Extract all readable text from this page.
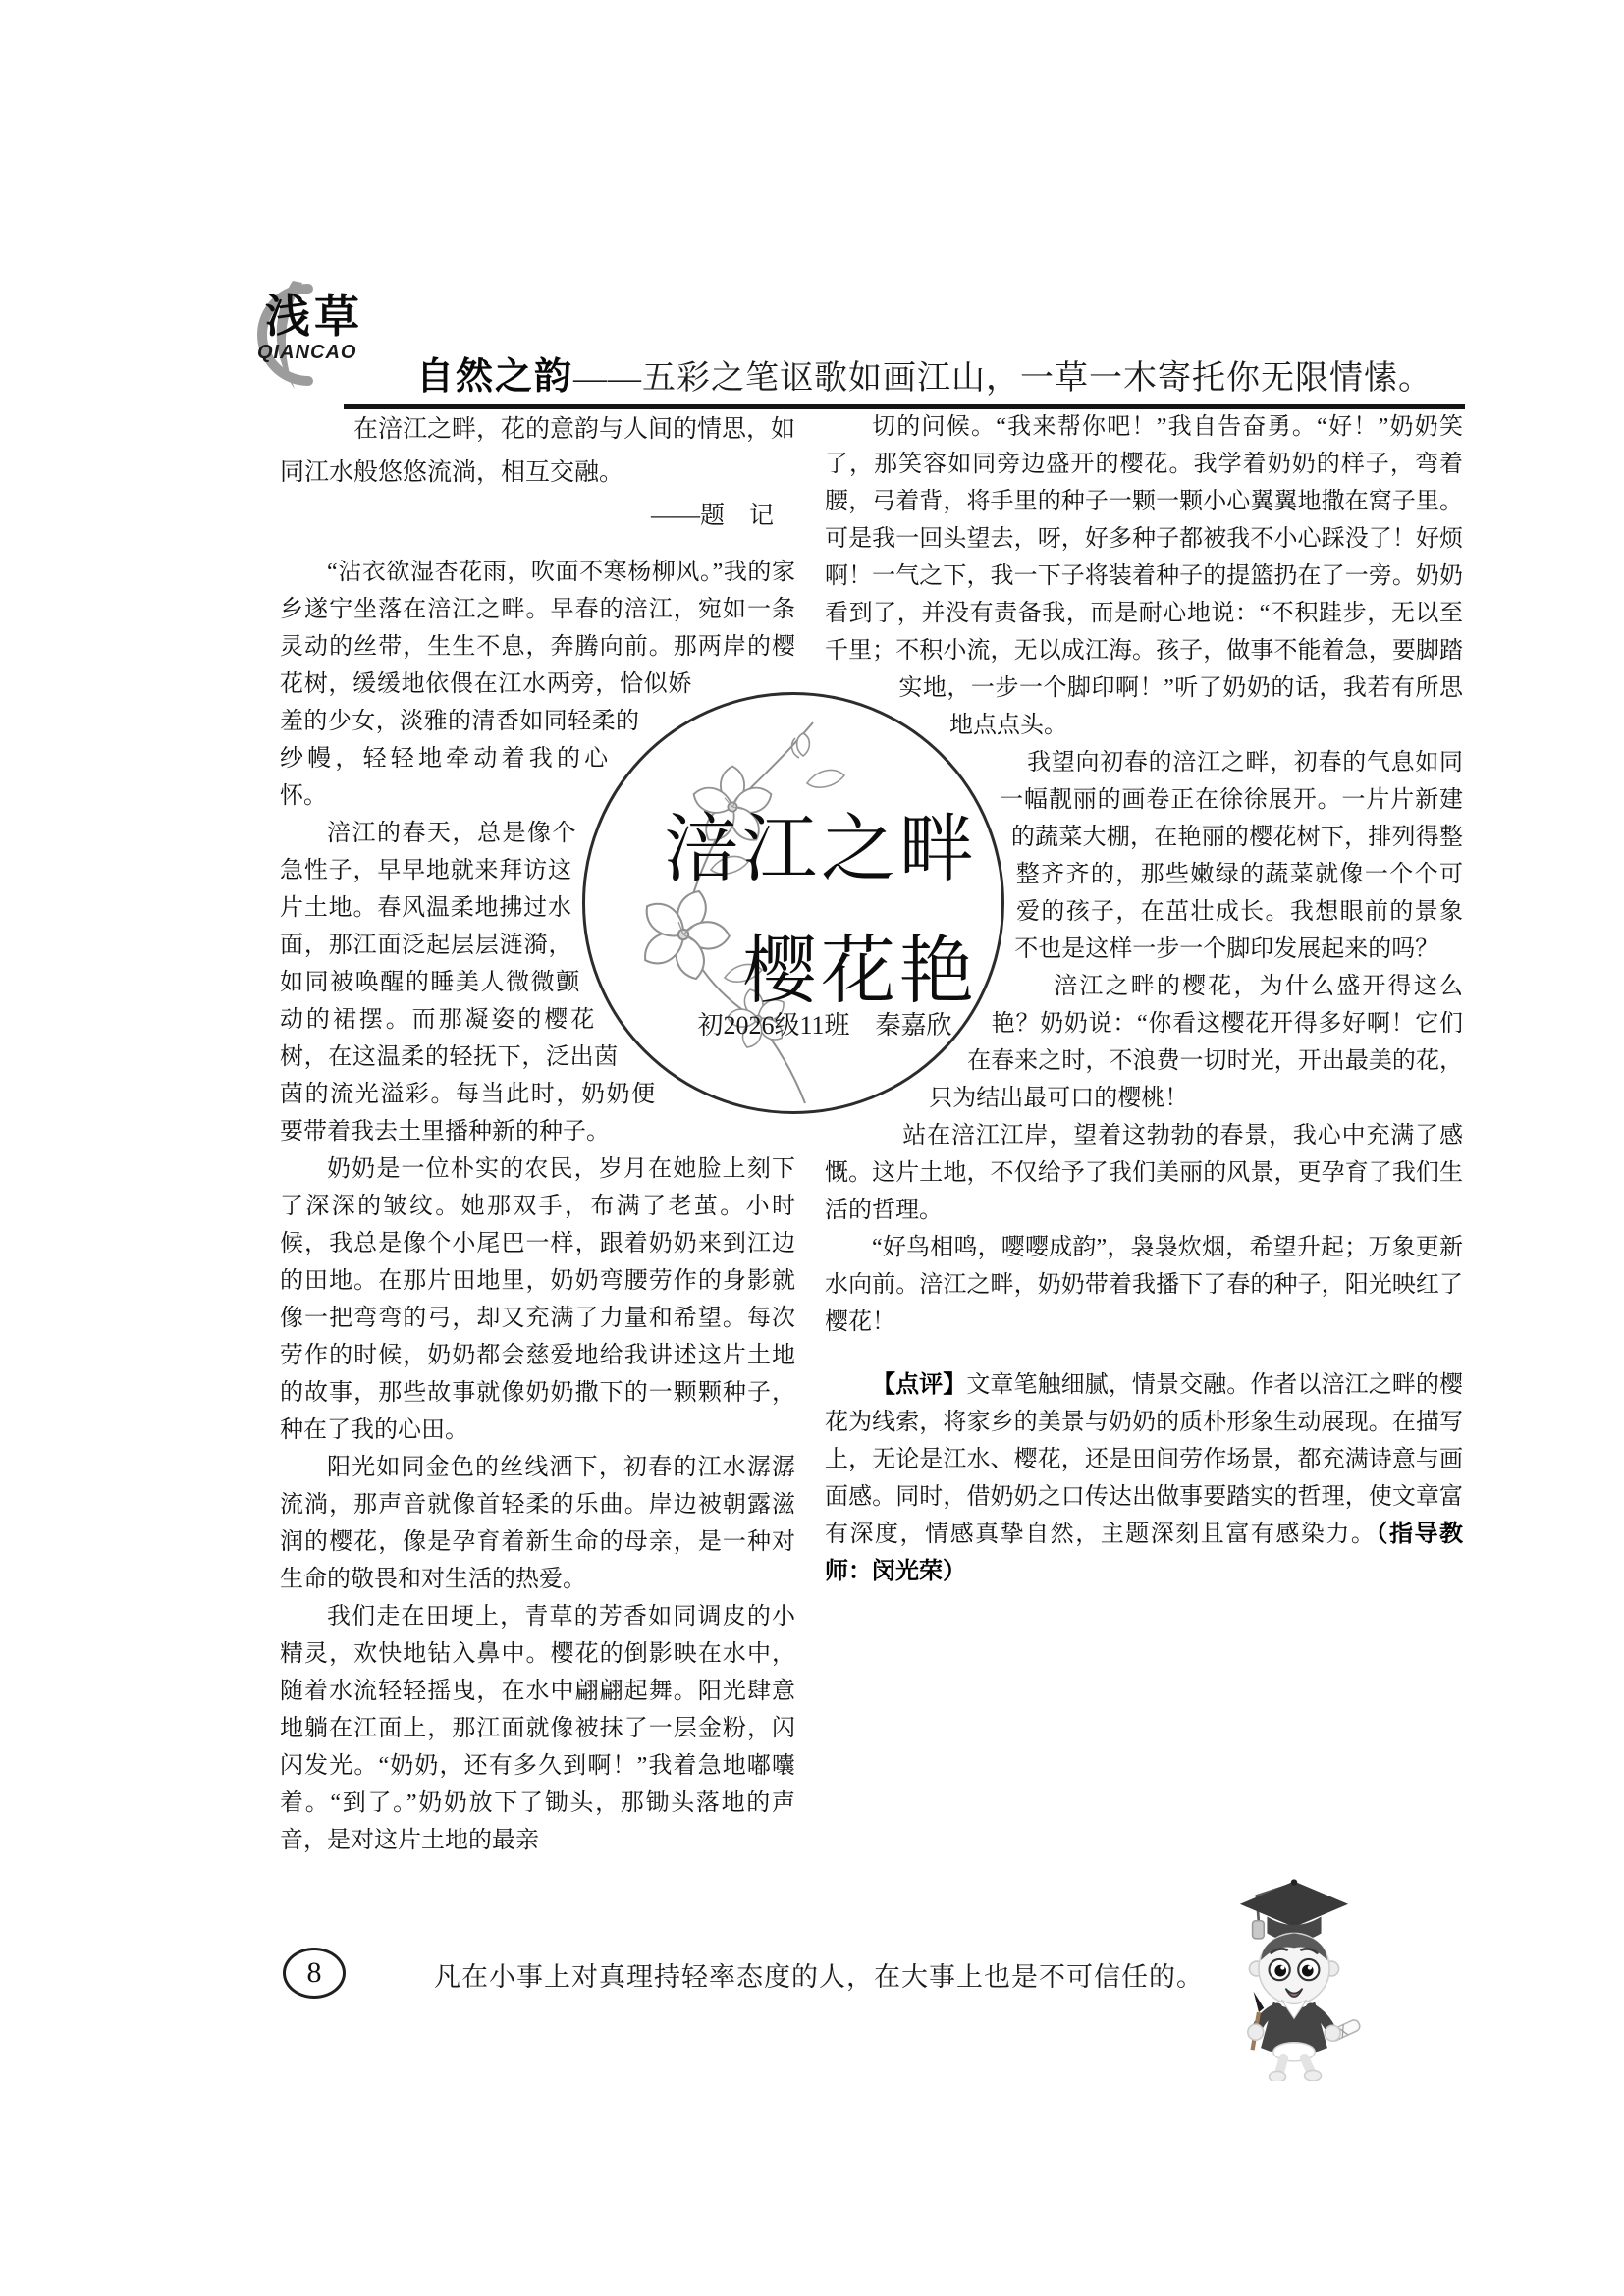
浅草
QIANCAO
自然之韵——五彩之笔讴歌如画江山，一草一木寄托你无限情愫。

在涪江之畔，花的意韵与人间的情思，如同江水般悠悠流淌，相互交融。

——题　记

“沾衣欲湿杏花雨，吹面不寒杨柳风。”我的家乡遂宁坐落在涪江之畔。早春的涪江，宛如一条灵动的丝带，生生不息，奔腾向前。那两岸的樱花树，缓缓地依偎在江水两旁，恰似娇羞的少女，淡雅的清香如同轻柔的纱幔，轻轻地牵动着我的心怀。

涪江的春天，总是像个急性子，早早地就来拜访这片土地。春风温柔地拂过水面，那江面泛起层层涟漪，如同被唤醒的睡美人微微颤动的裙摆。而那凝姿的樱花树，在这温柔的轻抚下，泛出茵茵的流光溢彩。每当此时，奶奶便要带着我去土里播种新的种子。

奶奶是一位朴实的农民，岁月在她脸上刻下了深深的皱纹。她那双手，布满了老茧。小时候，我总是像个小尾巴一样，跟着奶奶来到江边的田地。在那片田地里，奶奶弯腰劳作的身影就像一把弯弯的弓，却又充满了力量和希望。每次劳作的时候，奶奶都会慈爱地给我讲述这片土地的故事，那些故事就像奶奶撒下的一颗颗种子，种在了我的心田。

阳光如同金色的丝线洒下，初春的江水潺潺流淌，那声音就像首轻柔的乐曲。岸边被朝露滋润的樱花，像是孕育着新生命的母亲，是一种对生命的敬畏和对生活的热爱。

我们走在田埂上，青草的芳香如同调皮的小精灵，欢快地钻入鼻中。樱花的倒影映在水中，随着水流轻轻摇曳，在水中翩翩起舞。阳光肆意地躺在江面上，那江面就像被抹了一层金粉，闪闪发光。“奶奶，还有多久到啊！”我着急地嘟囔着。“到了。”奶奶放下了锄头，那锄头落地的声音，是对这片土地的最亲

切的问候。“我来帮你吧！”我自告奋勇。“好！”奶奶笑了，那笑容如同旁边盛开的樱花。我学着奶奶的样子，弯着腰，弓着背，将手里的种子一颗一颗小心翼翼地撒在窝子里。可是我一回头望去，呀，好多种子都被我不小心踩没了！好烦啊！一气之下，我一下子将装着种子的提篮扔在了一旁。奶奶看到了，并没有责备我，而是耐心地说：“不积跬步，无以至千里；不积小流，无以成江海。孩子，做事不能着急，要脚踏实地，一步一个脚印啊！”听了奶奶的话，我若有所思地点点头。

我望向初春的涪江之畔，初春的气息如同一幅靓丽的画卷正在徐徐展开。一片片新建的蔬菜大棚，在艳丽的樱花树下，排列得整整齐齐的，那些嫩绿的蔬菜就像一个个可爱的孩子，在茁壮成长。我想眼前的景象不也是这样一步一个脚印发展起来的吗？

涪江之畔的樱花，为什么盛开得这么艳？奶奶说：“你看这樱花开得多好啊！它们在春来之时，不浪费一切时光，开出最美的花，只为结出最可口的樱桃！

站在涪江江岸，望着这勃勃的春景，我心中充满了感慨。这片土地，不仅给予了我们美丽的风景，更孕育了我们生活的哲理。

“好鸟相鸣，嘤嘤成韵”，袅袅炊烟，希望升起；万象更新水向前。涪江之畔，奶奶带着我播下了春的种子，阳光映红了樱花！

【点评】文章笔触细腻，情景交融。作者以涪江之畔的樱花为线索，将家乡的美景与奶奶的质朴形象生动展现。在描写上，无论是江水、樱花，还是田间劳作场景，都充满诗意与画面感。同时，借奶奶之口传达出做事要踏实的哲理，使文章富有深度，情感真挚自然，主题深刻且富有感染力。（指导教师：闵光荣）

涪江之畔
樱花艳
初2026级11班 秦嘉欣
8	凡在小事上对真理持轻率态度的人，在大事上也是不可信任的。
